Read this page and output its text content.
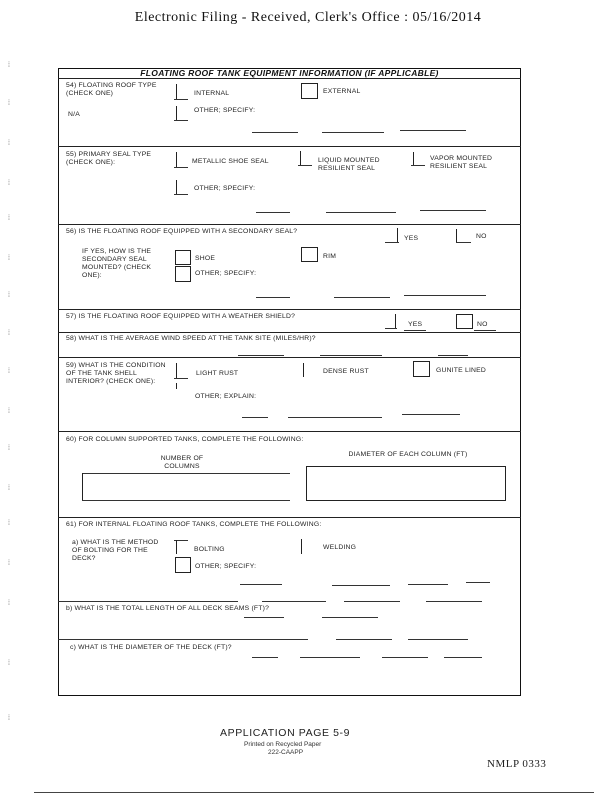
Electronic Filing - Received, Clerk's Office : 05/16/2014
⁞
⁞
⁞
⁞
⁞
⁞
⁞
⁞
⁞
⁞
⁞
⁞
⁞
⁞
⁞
⁞
⁞
FLOATING ROOF TANK EQUIPMENT INFORMATION (IF APPLICABLE)
54) FLOATING ROOF TYPE (CHECK ONE)
N/A
INTERNAL	EXTERNAL
OTHER; SPECIFY:
55) PRIMARY SEAL TYPE (CHECK ONE):	METALLIC SHOE SEAL	LIQUID MOUNTED RESILIENT SEAL
VAPOR MOUNTED RESILIENT SEAL
OTHER; SPECIFY:
56) IS THE FLOATING ROOF EQUIPPED WITH A SECONDARY SEAL?
YES	NO
IF YES, HOW IS THE SECONDARY SEAL MOUNTED? (CHECK ONE):
SHOE	RIM
OTHER; SPECIFY:
57) IS THE FLOATING ROOF EQUIPPED WITH A WEATHER SHIELD?
YES	NO
58) WHAT IS THE AVERAGE WIND SPEED AT THE TANK SITE (MILES/HR)?
59) WHAT IS THE CONDITION OF THE TANK SHELL INTERIOR? (CHECK ONE):
LIGHT RUST	DENSE RUST	GUNITE LINED
OTHER; EXPLAIN:
60) FOR COLUMN SUPPORTED TANKS, COMPLETE THE FOLLOWING:
NUMBER OF COLUMNS
DIAMETER OF EACH COLUMN (FT)
61) FOR INTERNAL FLOATING ROOF TANKS, COMPLETE THE FOLLOWING:
a) WHAT IS THE METHOD OF BOLTING FOR THE DECK?
BOLTING	WELDING
OTHER; SPECIFY:
b) WHAT IS THE TOTAL LENGTH OF ALL DECK SEAMS (FT)?
c) WHAT IS THE DIAMETER OF THE DECK (FT)?
APPLICATION PAGE 5-9
Printed on Recycled Paper
222-CAAPP
NMLP 0333
